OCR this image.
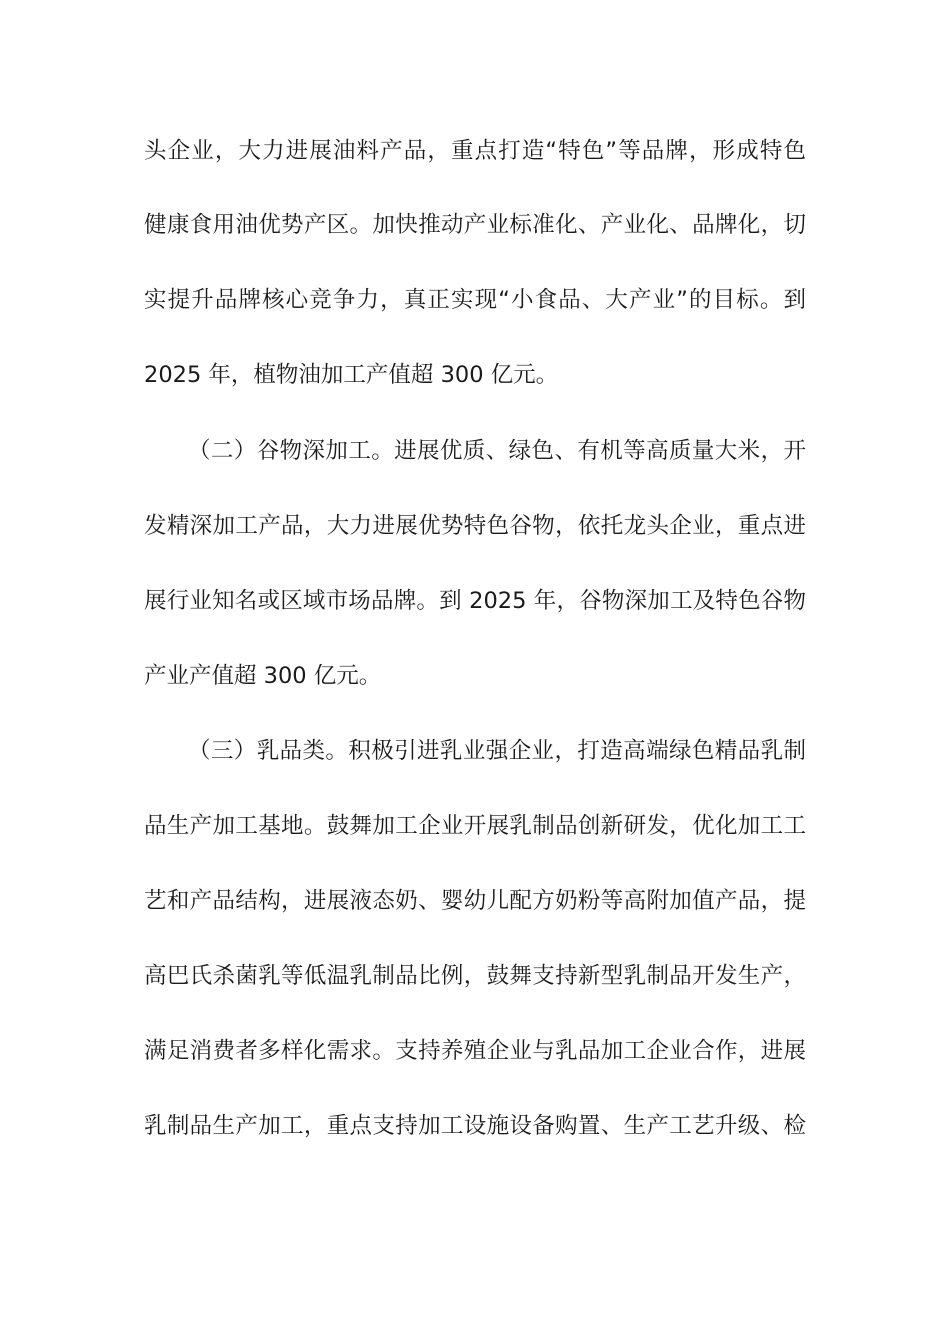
头企业，大力进展油料产品，重点打造“特色”等品牌，形成特色
健康食用油优势产区。加快推动产业标准化、产业化、品牌化，切
实提升品牌核心竞争力，真正实现“小食品、大产业”的目标。到
2025 年，植物油加工产值超 300 亿元。
（二）谷物深加工。进展优质、绿色、有机等高质量大米，开
发精深加工产品，大力进展优势特色谷物，依托龙头企业，重点进
展行业知名或区域市场品牌。到 2025 年，谷物深加工及特色谷物
产业产值超 300 亿元。
（三）乳品类。积极引进乳业强企业，打造高端绿色精品乳制
品生产加工基地。鼓舞加工企业开展乳制品创新研发，优化加工工
艺和产品结构，进展液态奶、婴幼儿配方奶粉等高附加值产品，提
高巴氏杀菌乳等低温乳制品比例，鼓舞支持新型乳制品开发生产，
满足消费者多样化需求。支持养殖企业与乳品加工企业合作，进展
乳制品生产加工，重点支持加工设施设备购置、生产工艺升级、检
